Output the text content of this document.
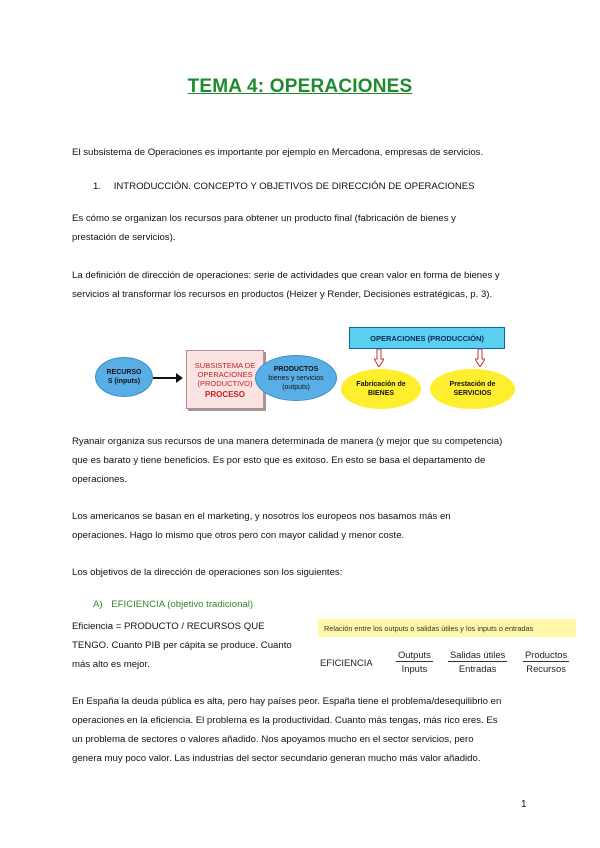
TEMA 4: OPERACIONES
El subsistema de Operaciones es importante por ejemplo en Mercadona, empresas de servicios.
1. INTRODUCCIÓN. CONCEPTO Y OBJETIVOS DE DIRECCIÓN DE OPERACIONES
Es cómo se organizan los recursos para obtener un producto final (fabricación de bienes y
prestación de servicios).
La definición de dirección de operaciones: serie de actividades que crean valor en forma de bienes y
servicios al transformar los recursos en productos (Heizer y Render, Decisiones estratégicas, p. 3).
RECURSO
S (inputs)
SUBSISTEMA DE
OPERACIONES
(PRODUCTIVO)
PROCESO
PRODUCTOS
bienes y servicios
(outputs)
OPERACIONES (PRODUCCIÓN)
Fabricación de
BIENES
Prestación de
SERVICIOS
Ryanair organiza sus recursos de una manera determinada de manera (y mejor que su competencia)
que es barato y tiene beneficios. Es por esto que es exitoso. En esto se basa el departamento de
operaciones.
Los americanos se basan en el marketing, y nosotros los europeos nos basamos más en
operaciones. Hago lo mismo que otros pero con mayor calidad y menor coste.
Los objetivos de la dirección de operaciones son los siguientes:
A) EFICIENCIA (objetivo tradicional)
Eficiencia = PRODUCTO / RECURSOS QUE
TENGO. Cuanto PIB per cápita se produce. Cuanto
más alto es mejor.
Relación entre los outputs o salidas útiles y los inputs o entradas
EFICIENCIA
Outputs
Inputs
Salidas útiles
Entradas
Productos
Recursos
En España la deuda pública es alta, pero hay países peor. España tiene el problema/desequilibrio en
operaciones en la eficiencia. El problema es la productividad. Cuanto más tengas, más rico eres. Es
un problema de sectores o valores añadido. Nos apoyamos mucho en el sector servicios, pero
genera muy poco valor. Las industrias del sector secundario generan mucho más valor añadido.
1
